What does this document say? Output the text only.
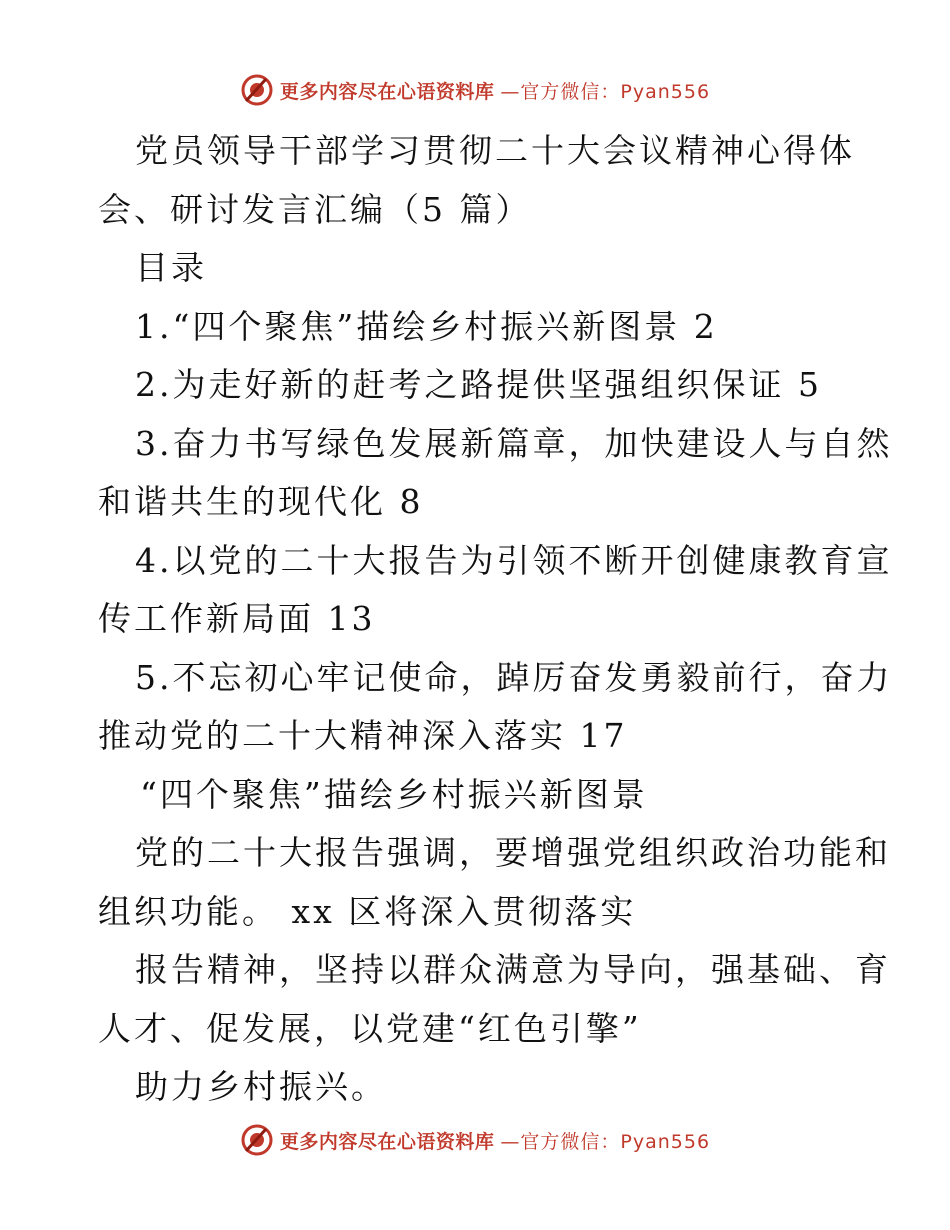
更多内容尽在心语资料库 —官方微信：Pyan556
党员领导干部学习贯彻二十大会议精神心得体
会、研讨发言汇编（5 篇）
目录
1.“四个聚焦”描绘乡村振兴新图景 2
2.为走好新的赶考之路提供坚强组织保证 5
3.奋力书写绿色发展新篇章，加快建设人与自然
和谐共生的现代化 8
4.以党的二十大报告为引领不断开创健康教育宣
传工作新局面 13
5.不忘初心牢记使命，踔厉奋发勇毅前行，奋力
推动党的二十大精神深入落实 17
“四个聚焦”描绘乡村振兴新图景
党的二十大报告强调，要增强党组织政治功能和
组织功能。 xx 区将深入贯彻落实
报告精神，坚持以群众满意为导向，强基础、育
人才、促发展，以党建“红色引擎”
助力乡村振兴。
更多内容尽在心语资料库 —官方微信：Pyan556
